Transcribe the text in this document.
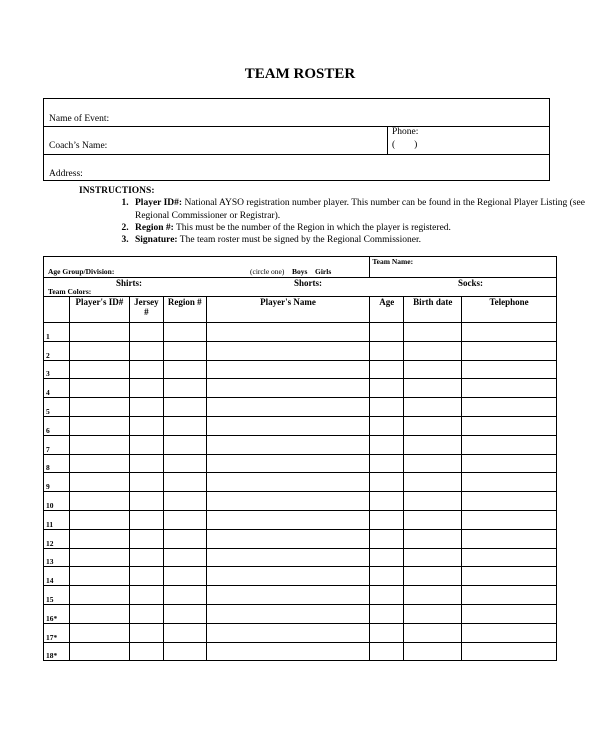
TEAM ROSTER
Name of Event:
Coach’s Name:
Phone:
(        )
Address:
INSTRUCTIONS:
1. Player ID#: National AYSO registration number player. This number can be found in the Regional Player Listing (see Regional Commissioner or Registrar).
2. Region #: This must be the number of the Region in which the player is registered.
3. Signature: The team roster must be signed by the Regional Commissioner.
Age Group/Division: (circle one) Boys Girls					Team Name:		

Shirts: Shorts: Socks:
Team Colors:							

	Player's ID#	Jersey #	Region #	Player's Name	Age	Birth date	Telephone
1							
2							
3							
4							
5							
6							
7							
8							
9							
10							
11							
12							
13							
14							
15							
16*							
17*							
18*							
